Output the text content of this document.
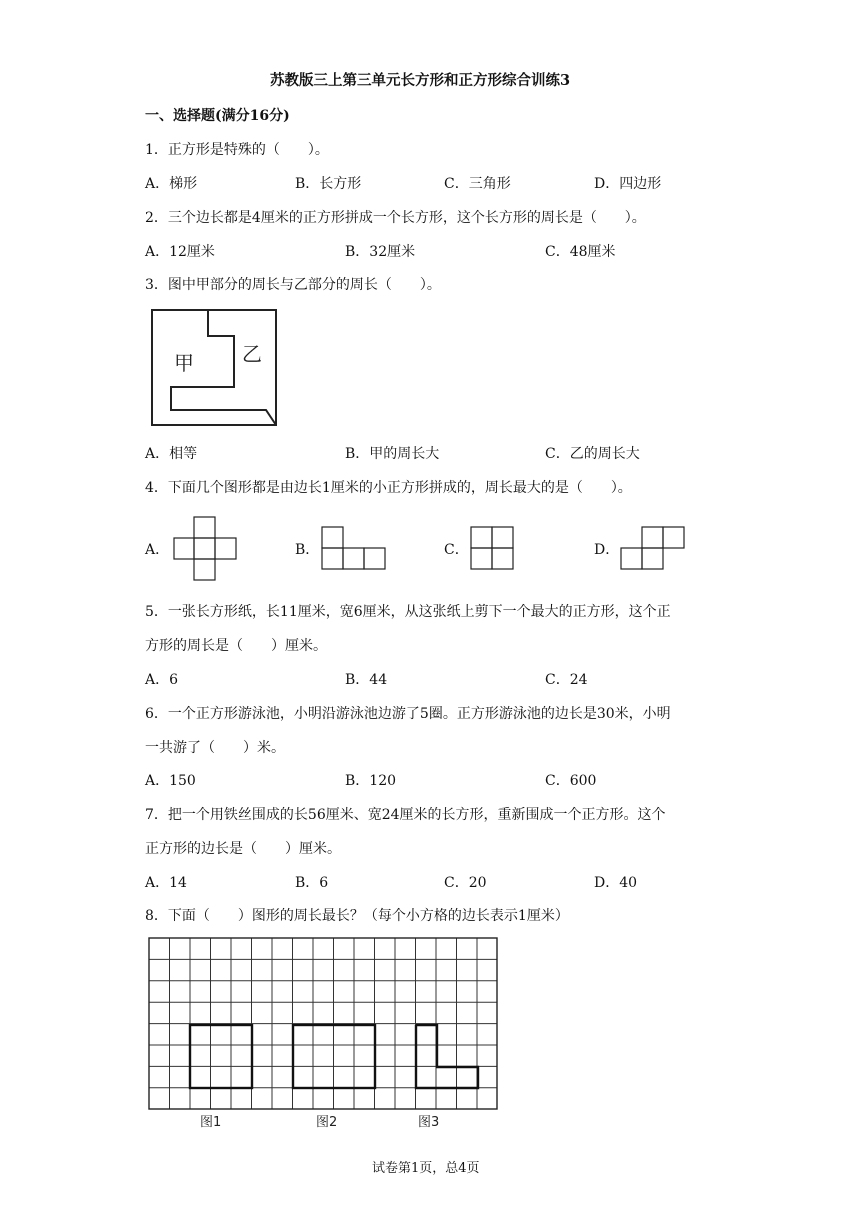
苏教版三上第三单元长方形和正方形综合训练3
一、选择题(满分16分)
1．正方形是特殊的（　　）。
A．梯形	B．长方形	C．三角形	D．四边形
2．三个边长都是4厘米的正方形拼成一个长方形，这个长方形的周长是（　　）。
A．12厘米	B．32厘米	C．48厘米
3．图中甲部分的周长与乙部分的周长（　　）。
甲 乙
A．相等	B．甲的周长大	C．乙的周长大
4．下面几个图形都是由边长1厘米的小正方形拼成的，周长最大的是（　　）。
A．	B．	C．	D．
5．一张长方形纸，长11厘米，宽6厘米，从这张纸上剪下一个最大的正方形，这个正
方形的周长是（　　）厘米。
A．6	B．44	C．24
6．一个正方形游泳池，小明沿游泳池边游了5圈。正方形游泳池的边长是30米，小明
一共游了（　　）米。
A．150	B．120	C．600
7．把一个用铁丝围成的长56厘米、宽24厘米的长方形，重新围成一个正方形。这个
正方形的边长是（　　）厘米。
A．14	B．6	C．20	D．40
8．下面（　　）图形的周长最长？（每个小方格的边长表示1厘米）
图1	图2	图3
试卷第1页，总4页
